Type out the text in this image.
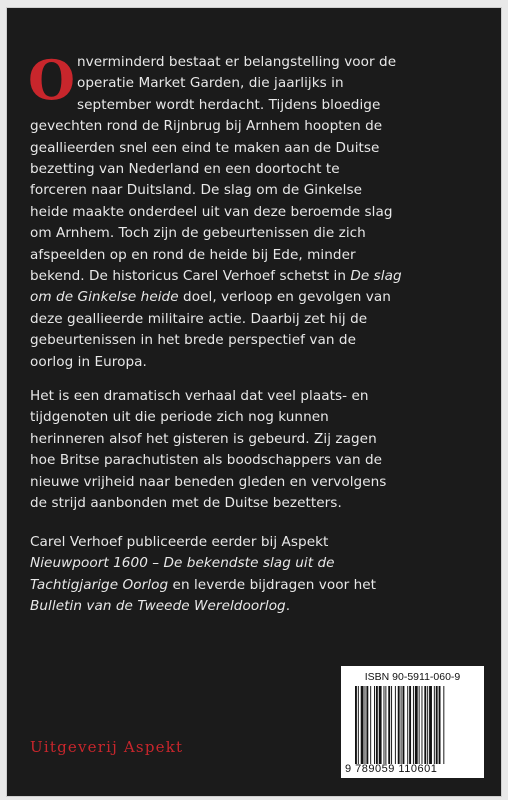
O nverminderd bestaat er belangstelling voor de
operatie Market Garden, die jaarlijks in
september wordt herdacht. Tijdens bloedige
gevechten rond de Rijnbrug bij Arnhem hoopten de
geallieerden snel een eind te maken aan de Duitse
bezetting van Nederland en een doortocht te
forceren naar Duitsland. De slag om de Ginkelse
heide maakte onderdeel uit van deze beroemde slag
om Arnhem. Toch zijn de gebeurtenissen die zich
afspeelden op en rond de heide bij Ede, minder
bekend. De historicus Carel Verhoef schetst in De slag
om de Ginkelse heide doel, verloop en gevolgen van
deze geallieerde militaire actie. Daarbij zet hij de
gebeurtenissen in het brede perspectief van de
oorlog in Europa.
Het is een dramatisch verhaal dat veel plaats- en
tijdgenoten uit die periode zich nog kunnen
herinneren alsof het gisteren is gebeurd. Zij zagen
hoe Britse parachutisten als boodschappers van de
nieuwe vrijheid naar beneden gleden en vervolgens
de strijd aanbonden met de Duitse bezetters.
Carel Verhoef publiceerde eerder bij Aspekt
Nieuwpoort 1600 – De bekendste slag uit de
Tachtigjarige Oorlog en leverde bijdragen voor het
Bulletin van de Tweede Wereldoorlog.
ISBN 90-5911-060-9
9 789059 110601
Uitgeverij Aspekt
